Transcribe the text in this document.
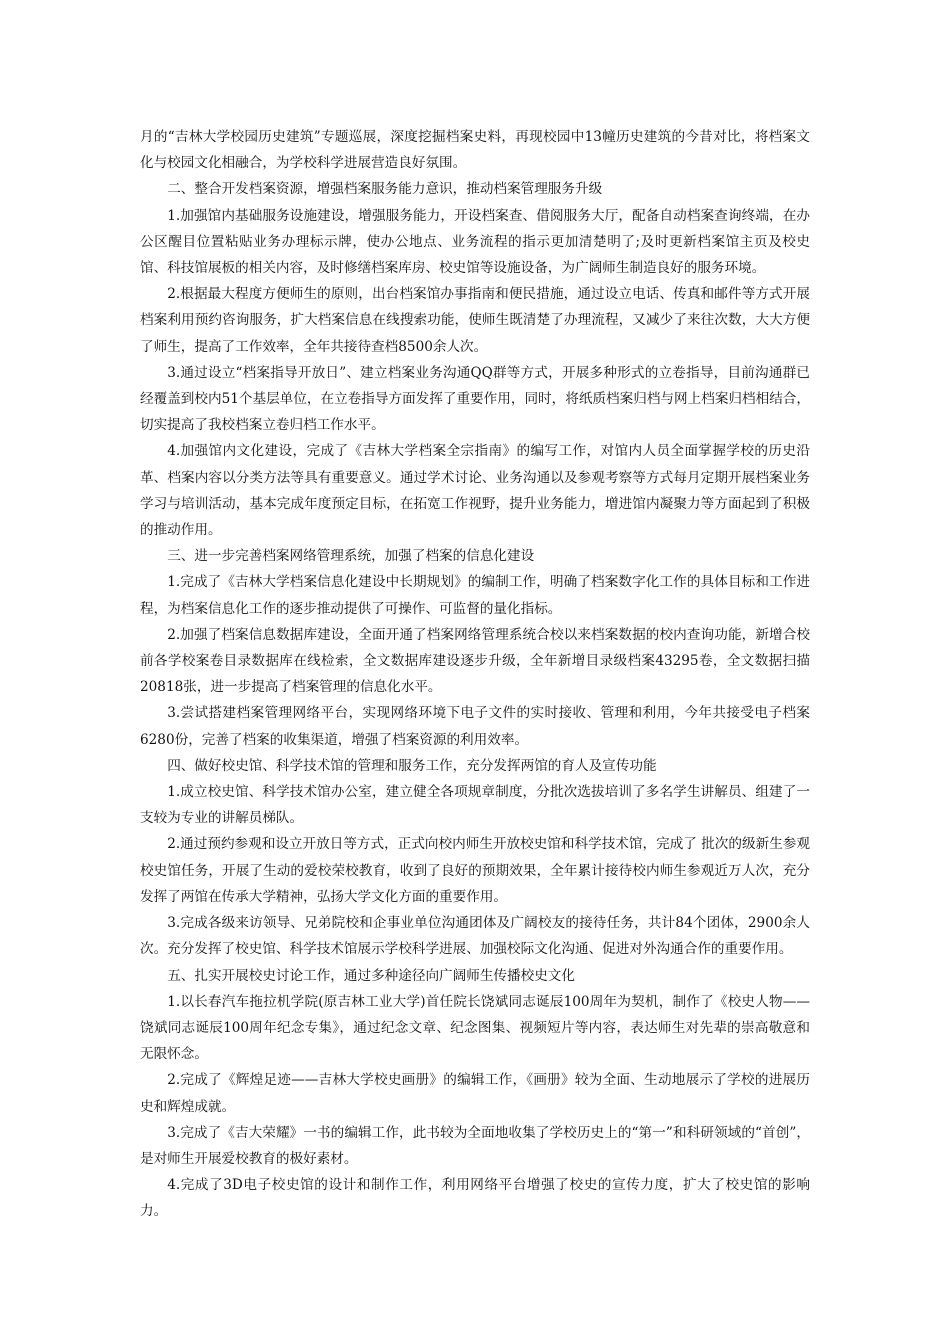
月的“吉林大学校园历史建筑”专题巡展，深度挖掘档案史料，再现校园中13幢历史建筑的今昔对比，将档案文化与校园文化相融合，为学校科学进展营造良好氛围。

二、整合开发档案资源，增强档案服务能力意识，推动档案管理服务升级

1.加强馆内基础服务设施建设，增强服务能力，开设档案查、借阅服务大厅，配备自动档案查询终端，在办公区醒目位置粘贴业务办理标示牌，使办公地点、业务流程的指示更加清楚明了;及时更新档案馆主页及校史馆、科技馆展板的相关内容，及时修缮档案库房、校史馆等设施设备，为广阔师生制造良好的服务环境。

2.根据最大程度方便师生的原则，出台档案馆办事指南和便民措施，通过设立电话、传真和邮件等方式开展档案利用预约咨询服务，扩大档案信息在线搜索功能，使师生既清楚了办理流程，又减少了来往次数，大大方便了师生，提高了工作效率，全年共接待查档8500余人次。

3.通过设立“档案指导开放日”、建立档案业务沟通QQ群等方式，开展多种形式的立卷指导，目前沟通群已经覆盖到校内51个基层单位，在立卷指导方面发挥了重要作用，同时，将纸质档案归档与网上档案归档相结合，切实提高了我校档案立卷归档工作水平。

4.加强馆内文化建设，完成了《吉林大学档案全宗指南》的编写工作，对馆内人员全面掌握学校的历史沿革、档案内容以分类方法等具有重要意义。通过学术讨论、业务沟通以及参观考察等方式每月定期开展档案业务学习与培训活动，基本完成年度预定目标，在拓宽工作视野，提升业务能力，增进馆内凝聚力等方面起到了积极的推动作用。

三、进一步完善档案网络管理系统，加强了档案的信息化建设

1.完成了《吉林大学档案信息化建设中长期规划》的编制工作，明确了档案数字化工作的具体目标和工作进程，为档案信息化工作的逐步推动提供了可操作、可监督的量化指标。

2.加强了档案信息数据库建设，全面开通了档案网络管理系统合校以来档案数据的校内查询功能，新增合校前各学校案卷目录数据库在线检索，全文数据库建设逐步升级，全年新增目录级档案43295卷，全文数据扫描20818张，进一步提高了档案管理的信息化水平。

3.尝试搭建档案管理网络平台，实现网络环境下电子文件的实时接收、管理和利用，今年共接受电子档案6280份，完善了档案的收集渠道，增强了档案资源的利用效率。

四、做好校史馆、科学技术馆的管理和服务工作，充分发挥两馆的育人及宣传功能

1.成立校史馆、科学技术馆办公室，建立健全各项规章制度，分批次选拔培训了多名学生讲解员、组建了一支较为专业的讲解员梯队。

2.通过预约参观和设立开放日等方式，正式向校内师生开放校史馆和科学技术馆，完成了 批次的级新生参观校史馆任务，开展了生动的爱校荣校教育，收到了良好的预期效果，全年累计接待校内师生参观近万人次，充分发挥了两馆在传承大学精神，弘扬大学文化方面的重要作用。

3.完成各级来访领导、兄弟院校和企事业单位沟通团体及广阔校友的接待任务，共计84个团体，2900余人次。充分发挥了校史馆、科学技术馆展示学校科学进展、加强校际文化沟通、促进对外沟通合作的重要作用。

五、扎实开展校史讨论工作，通过多种途径向广阔师生传播校史文化

1.以长春汽车拖拉机学院(原吉林工业大学)首任院长饶斌同志诞辰100周年为契机，制作了《校史人物——饶斌同志诞辰100周年纪念专集》，通过纪念文章、纪念图集、视频短片等内容，表达师生对先辈的崇高敬意和无限怀念。

2.完成了《辉煌足迹——吉林大学校史画册》的编辑工作，《画册》较为全面、生动地展示了学校的进展历史和辉煌成就。

3.完成了《吉大荣耀》一书的编辑工作，此书较为全面地收集了学校历史上的“第一”和科研领域的“首创”，是对师生开展爱校教育的极好素材。

4.完成了3D电子校史馆的设计和制作工作，利用网络平台增强了校史的宣传力度，扩大了校史馆的影响力。
